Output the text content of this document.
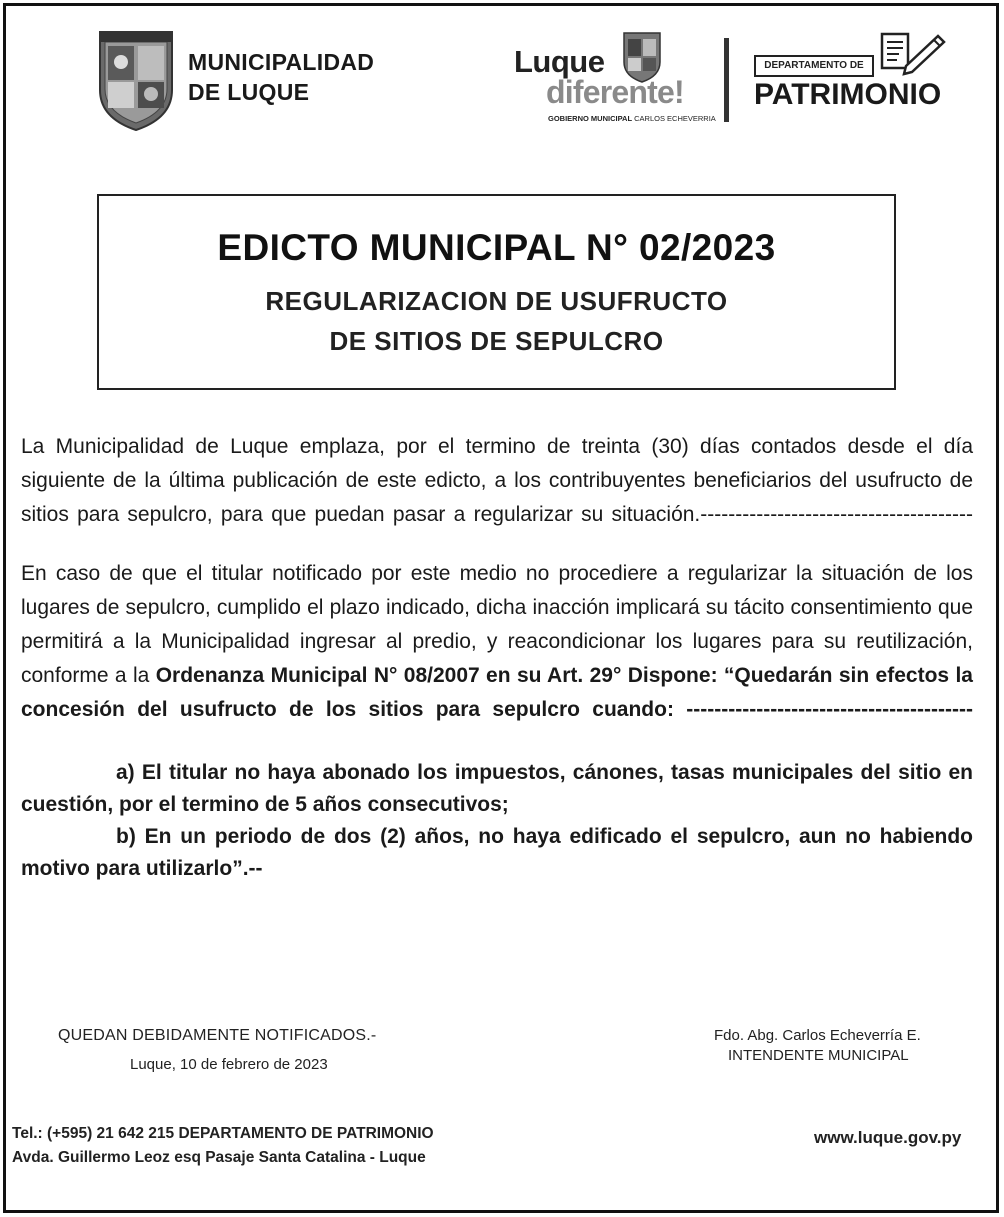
MUNICIPALIDAD
DE LUQUE
Luque
diferente!
GOBIERNO MUNICIPAL CARLOS ECHEVERRIA
DEPARTAMENTO DE
PATRIMONIO
EDICTO MUNICIPAL N° 02/2023
REGULARIZACION DE USUFRUCTO
DE SITIOS DE SEPULCRO
La Municipalidad de Luque emplaza, por el termino de treinta (30) días contados desde el día siguiente de la última publicación de este edicto, a los contribuyentes beneficiarios del usufructo de sitios para sepulcro, para que puedan pasar a regularizar su situación.---------------------------------------
En caso de que el titular notificado por este medio no procediere a regularizar la situación de los lugares de sepulcro, cumplido el plazo indicado, dicha inacción implicará su tácito consentimiento que permitirá a la Municipalidad ingresar al predio, y reacondicionar los lugares para su reutilización, conforme a la Ordenanza Municipal N° 08/2007 en su Art. 29° Dispone: “Quedarán sin efectos la concesión del usufructo de los sitios para sepulcro cuando: -----------------------------------------
a) El titular no haya abonado los impuestos, cánones, tasas municipales del sitio en cuestión, por el termino de 5 años consecutivos;
b) En un periodo de dos (2) años, no haya edificado el sepulcro, aun no habiendo motivo para utilizarlo”.--
QUEDAN DEBIDAMENTE NOTIFICADOS.-
Luque, 10 de febrero de 2023
Fdo. Abg. Carlos Echeverría E.
INTENDENTE MUNICIPAL
Tel.: (+595) 21 642 215 DEPARTAMENTO DE PATRIMONIO
Avda. Guillermo Leoz esq Pasaje Santa Catalina - Luque
www.luque.gov.py
